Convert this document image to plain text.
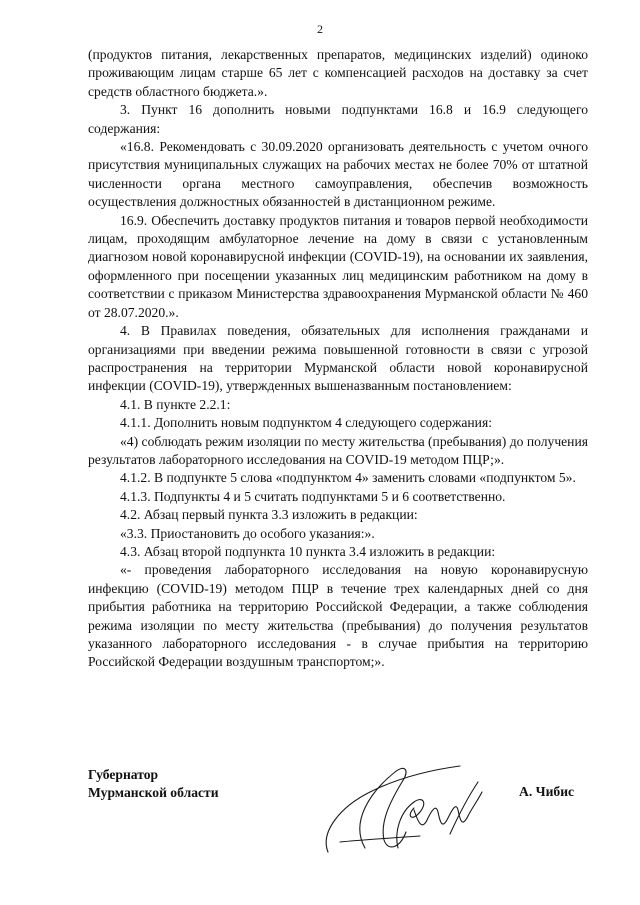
2

(продуктов питания, лекарственных препаратов, медицинских изделий) одиноко проживающим лицам старше 65 лет с компенсацией расходов на доставку за счет средств областного бюджета.».

3. Пункт 16 дополнить новыми подпунктами 16.8 и 16.9 следующего содержания:

«16.8. Рекомендовать с 30.09.2020 организовать деятельность с учетом очного присутствия муниципальных служащих на рабочих местах не более 70% от штатной численности органа местного самоуправления, обеспечив возможность осуществления должностных обязанностей в дистанционном режиме.

16.9. Обеспечить доставку продуктов питания и товаров первой необходимости лицам, проходящим амбулаторное лечение на дому в связи с установленным диагнозом новой коронавирусной инфекции (COVID-19), на основании их заявления, оформленного при посещении указанных лиц медицинским работником на дому в соответствии с приказом Министерства здравоохранения Мурманской области № 460 от 28.07.2020.».

4. В Правилах поведения, обязательных для исполнения гражданами и организациями при введении режима повышенной готовности в связи с угрозой распространения на территории Мурманской области новой коронавирусной инфекции (COVID-19), утвержденных вышеназванным постановлением:

4.1. В пункте 2.2.1:

4.1.1. Дополнить новым подпунктом 4 следующего содержания:

«4) соблюдать режим изоляции по месту жительства (пребывания) до получения результатов лабораторного исследования на COVID-19 методом ПЦР;».

4.1.2. В подпункте 5 слова «подпунктом 4» заменить словами «подпунктом 5».

4.1.3. Подпункты 4 и 5 считать подпунктами 5 и 6 соответственно.

4.2. Абзац первый пункта 3.3 изложить в редакции:

«3.3. Приостановить до особого указания:».

4.3. Абзац второй подпункта 10 пункта 3.4 изложить в редакции:

«- проведения лабораторного исследования на новую коронавирусную инфекцию (COVID-19) методом ПЦР в течение трех календарных дней со дня прибытия работника на территорию Российской Федерации, а также соблюдения режима изоляции по месту жительства (пребывания) до получения результатов указанного лабораторного исследования - в случае прибытия на территорию Российской Федерации воздушным транспортом;».

Губернатор
Мурманской области	А. Чибис
